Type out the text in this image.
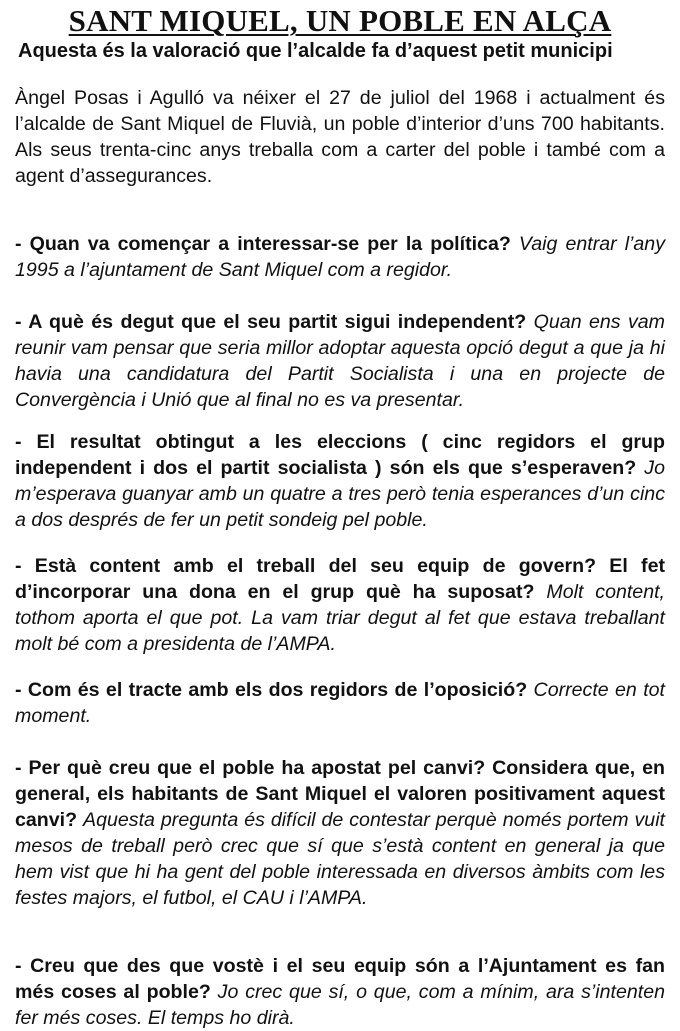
SANT MIQUEL, UN POBLE EN ALÇA

Aquesta és la valoració que l’alcalde fa d’aquest petit municipi

Àngel Posas i Agulló va néixer el 27 de juliol del 1968 i actualment és l’alcalde de Sant Miquel de Fluvià, un poble d’interior d’uns 700 habitants. Als seus trenta-cinc anys treballa com a carter del poble i també com a agent d’assegurances.

- Quan va començar a interessar-se per la política? Vaig entrar l’any 1995 a l’ajuntament de Sant Miquel com a regidor.

- A què és degut que el seu partit sigui independent? Quan ens vam reunir vam pensar que seria millor adoptar aquesta opció degut a que ja hi havia una candidatura del Partit Socialista i una en projecte de Convergència i Unió que al final no es va presentar.

- El resultat obtingut a les eleccions ( cinc regidors el grup independent i dos el partit socialista ) són els que s’esperaven? Jo m’esperava guanyar amb un quatre a tres però tenia esperances d’un cinc a dos després de fer un petit sondeig pel poble.

- Està content amb el treball del seu equip de govern? El fet d’incorporar una dona en el grup què ha suposat? Molt content, tothom aporta el que pot. La vam triar degut al fet que estava treballant molt bé com a presidenta de l’AMPA.

- Com és el tracte amb els dos regidors de l’oposició? Correcte en tot moment.

- Per què creu que el poble ha apostat pel canvi? Considera que, en general, els habitants de Sant Miquel el valoren positivament aquest canvi? Aquesta pregunta és difícil de contestar perquè només portem vuit mesos de treball però crec que sí que s’està content en general ja que hem vist que hi ha gent del poble interessada en diversos àmbits com les festes majors, el futbol, el CAU i l’AMPA.

- Creu que des que vostè i el seu equip són a l’Ajuntament es fan més coses al poble? Jo crec que sí, o que, com a mínim, ara s’intenten fer més coses. El temps ho dirà.
